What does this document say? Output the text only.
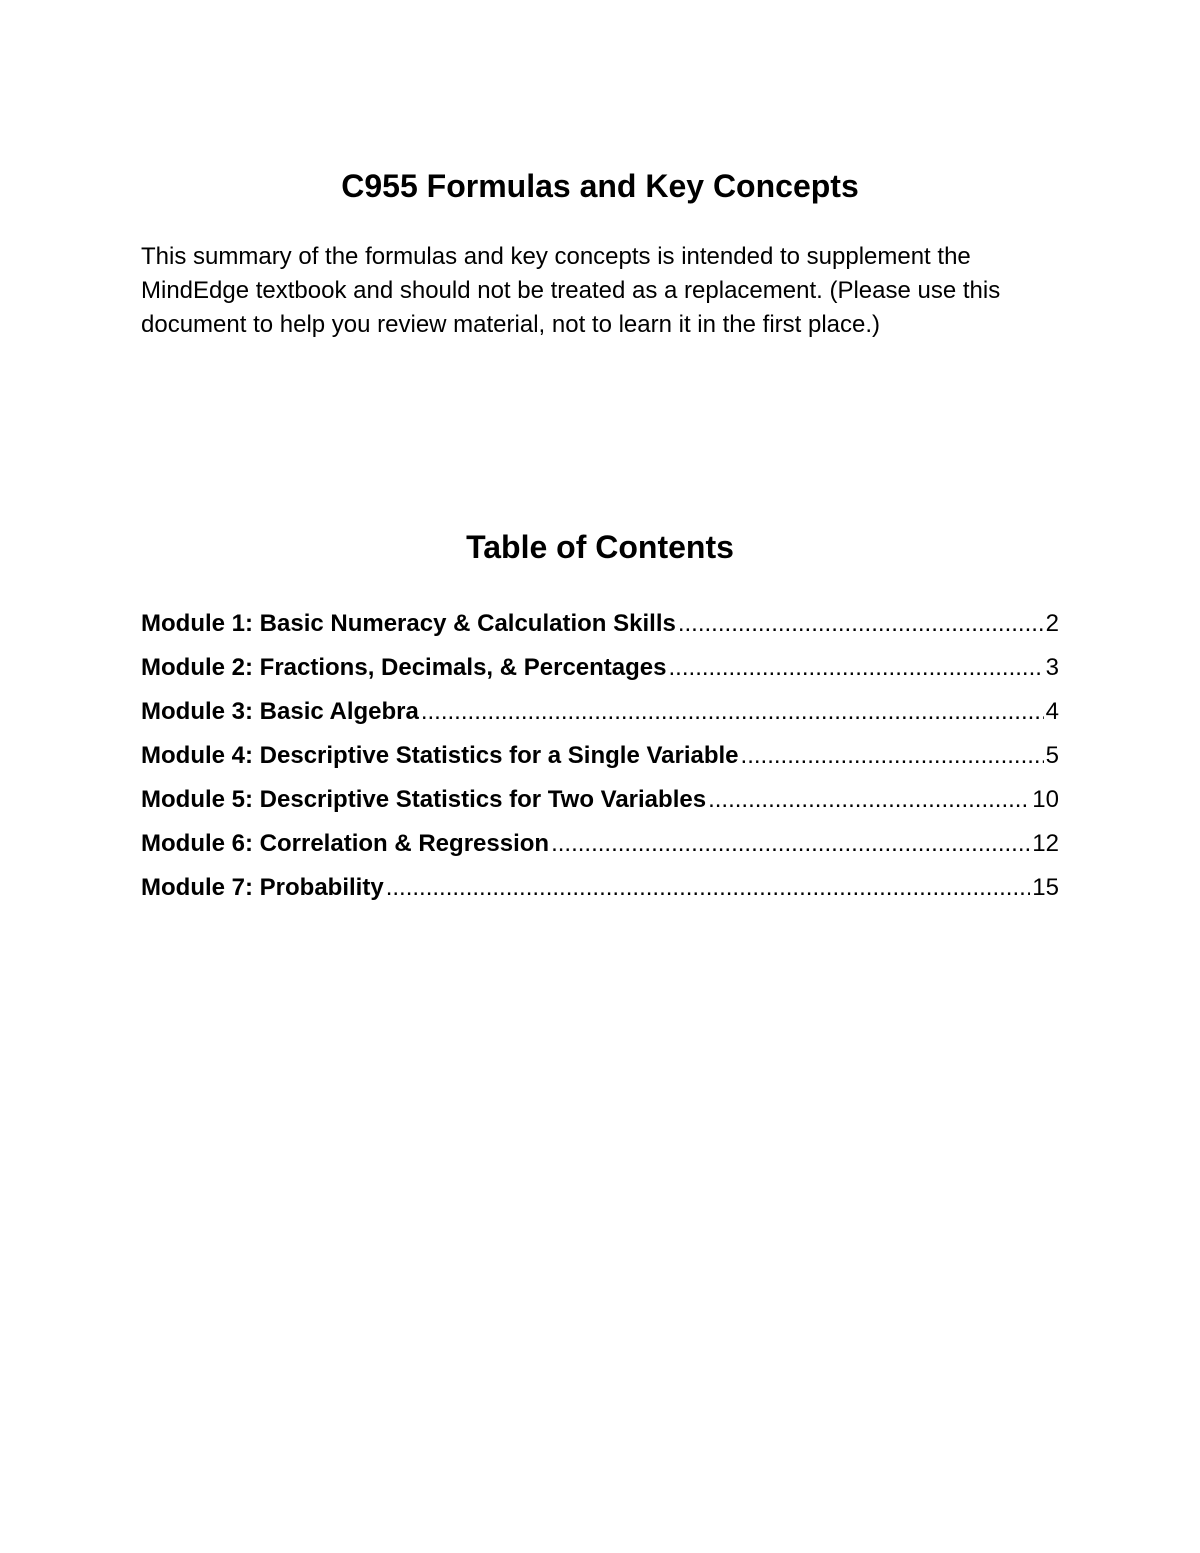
C955 Formulas and Key Concepts

This summary of the formulas and key concepts is intended to supplement the MindEdge textbook and should not be treated as a replacement. (Please use this document to help you review material, not to learn it in the first place.)

Table of Contents
Module 1: Basic Numeracy & Calculation Skills .....	2
Module 2: Fractions, Decimals, & Percentages .....	3
Module 3: Basic Algebra .....	4
Module 4: Descriptive Statistics for a Single Variable .....	5
Module 5: Descriptive Statistics for Two Variables .....	10
Module 6: Correlation & Regression .....	12
Module 7: Probability .....	15
